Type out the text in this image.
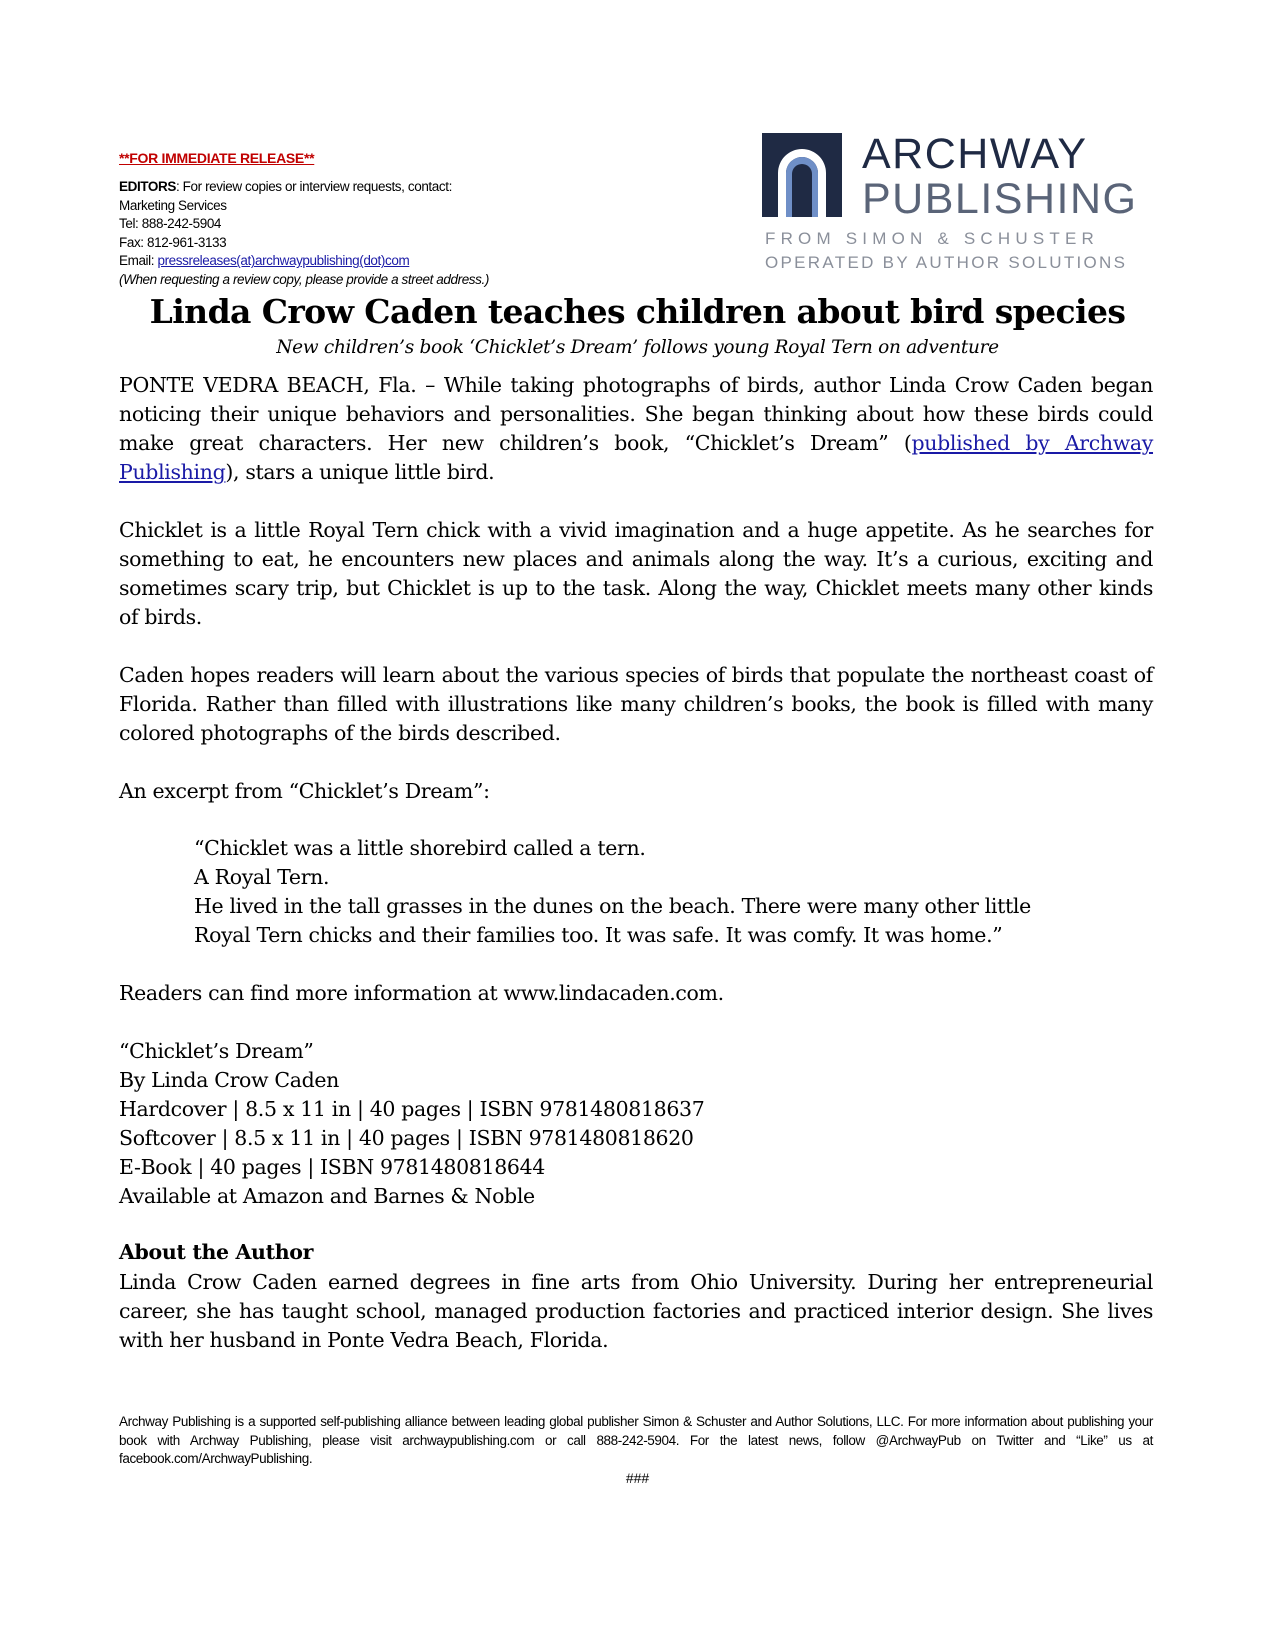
**FOR IMMEDIATE RELEASE**
EDITORS: For review copies or interview requests, contact:
Marketing Services
Tel: 888-242-5904
Fax: 812-961-3133
Email: pressreleases(at)archwaypublishing(dot)com
(When requesting a review copy, please provide a street address.)
ARCHWAY
PUBLISHING
FROM SIMON & SCHUSTER
OPERATED BY AUTHOR SOLUTIONS
Linda Crow Caden teaches children about bird species
New children’s book ‘Chicklet’s Dream’ follows young Royal Tern on adventure
PONTE VEDRA BEACH, Fla. – While taking photographs of birds, author Linda Crow Caden began noticing their unique behaviors and personalities. She began thinking about how these birds could make great characters. Her new children’s book, “Chicklet’s Dream” (published by Archway Publishing), stars a unique little bird.
Chicklet is a little Royal Tern chick with a vivid imagination and a huge appetite. As he searches for something to eat, he encounters new places and animals along the way. It’s a curious, exciting and sometimes scary trip, but Chicklet is up to the task. Along the way, Chicklet meets many other kinds of birds.
Caden hopes readers will learn about the various species of birds that populate the northeast coast of Florida. Rather than filled with illustrations like many children’s books, the book is filled with many colored photographs of the birds described.
An excerpt from “Chicklet’s Dream”:
“Chicklet was a little shorebird called a tern.
A Royal Tern.
He lived in the tall grasses in the dunes on the beach. There were many other little
Royal Tern chicks and their families too. It was safe. It was comfy. It was home.”
Readers can find more information at www.lindacaden.com.
“Chicklet’s Dream”
By Linda Crow Caden
Hardcover | 8.5 x 11 in | 40 pages | ISBN 9781480818637
Softcover | 8.5 x 11 in | 40 pages | ISBN 9781480818620
E-Book | 40 pages | ISBN 9781480818644
Available at Amazon and Barnes & Noble
About the Author
Linda Crow Caden earned degrees in fine arts from Ohio University. During her entrepreneurial career, she has taught school, managed production factories and practiced interior design. She lives with her husband in Ponte Vedra Beach, Florida.
Archway Publishing is a supported self-publishing alliance between leading global publisher Simon & Schuster and Author Solutions, LLC. For more information about publishing your book with Archway Publishing, please visit archwaypublishing.com or call 888-242-5904. For the latest news, follow @ArchwayPub on Twitter and “Like” us at facebook.com/ArchwayPublishing.
###
